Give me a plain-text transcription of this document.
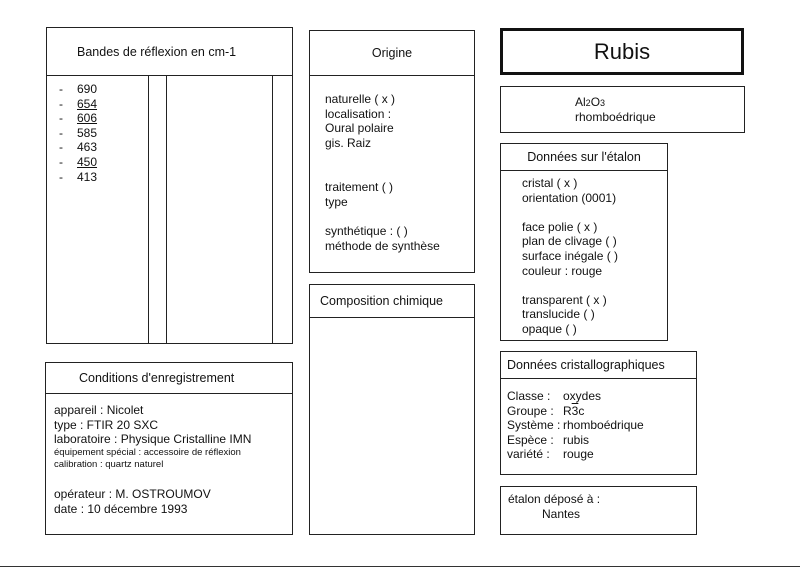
Bandes de réflexion en cm-1
- 690
- 654
- 606
- 585
- 463
- 450
- 413
Origine
naturelle ( x )
localisation :
Oural polaire
gis. Raiz
traitement ( )
type
synthétique : ( )
méthode de synthèse
Composition chimique
Rubis
Al2O3
rhomboédrique
Données sur l'étalon
cristal ( x )
orientation (0001)
face polie ( x )
plan de clivage ( )
surface inégale ( )
couleur : rouge
transparent ( x )
translucide ( )
opaque ( )
Données cristallographiques
Classe : oxydes
Groupe : R3c
Système : rhomboédrique
Espèce : rubis
variété : rouge
Conditions d'enregistrement
appareil : Nicolet
type : FTIR 20 SXC
laboratoire : Physique Cristalline IMN
équipement spécial : accessoire de réflexion
calibration : quartz naturel
opérateur : M. OSTROUMOV
date : 10 décembre 1993
étalon déposé à :
Nantes
